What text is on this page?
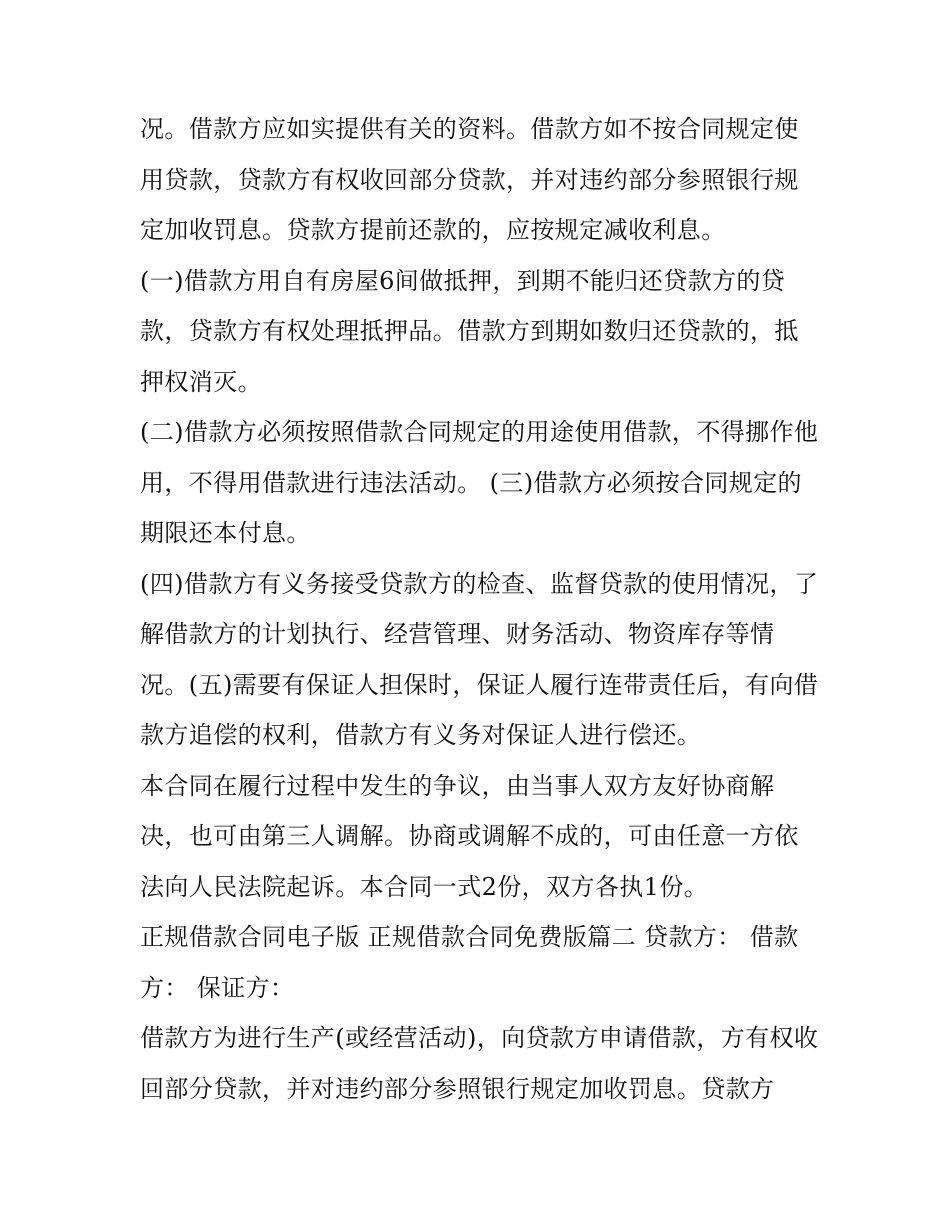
况。借款方应如实提供有关的资料。借款方如不按合同规定使用贷款，贷款方有权收回部分贷款，并对违约部分参照银行规定加收罚息。贷款方提前还款的，应按规定减收利息。

(一)借款方用自有房屋6间做抵押，到期不能归还贷款方的贷款，贷款方有权处理抵押品。借款方到期如数归还贷款的，抵押权消灭。

(二)借款方必须按照借款合同规定的用途使用借款，不得挪作他用，不得用借款进行违法活动。 (三)借款方必须按合同规定的期限还本付息。

(四)借款方有义务接受贷款方的检查、监督贷款的使用情况，了解借款方的计划执行、经营管理、财务活动、物资库存等情况。(五)需要有保证人担保时，保证人履行连带责任后，有向借款方追偿的权利，借款方有义务对保证人进行偿还。

本合同在履行过程中发生的争议，由当事人双方友好协商解决，也可由第三人调解。协商或调解不成的，可由任意一方依法向人民法院起诉。本合同一式2份，双方各执1份。

正规借款合同电子版 正规借款合同免费版篇二 贷款方： 借款方： 保证方：

借款方为进行生产(或经营活动)，向贷款方申请借款，方有权收回部分贷款，并对违约部分参照银行规定加收罚息。贷款方
